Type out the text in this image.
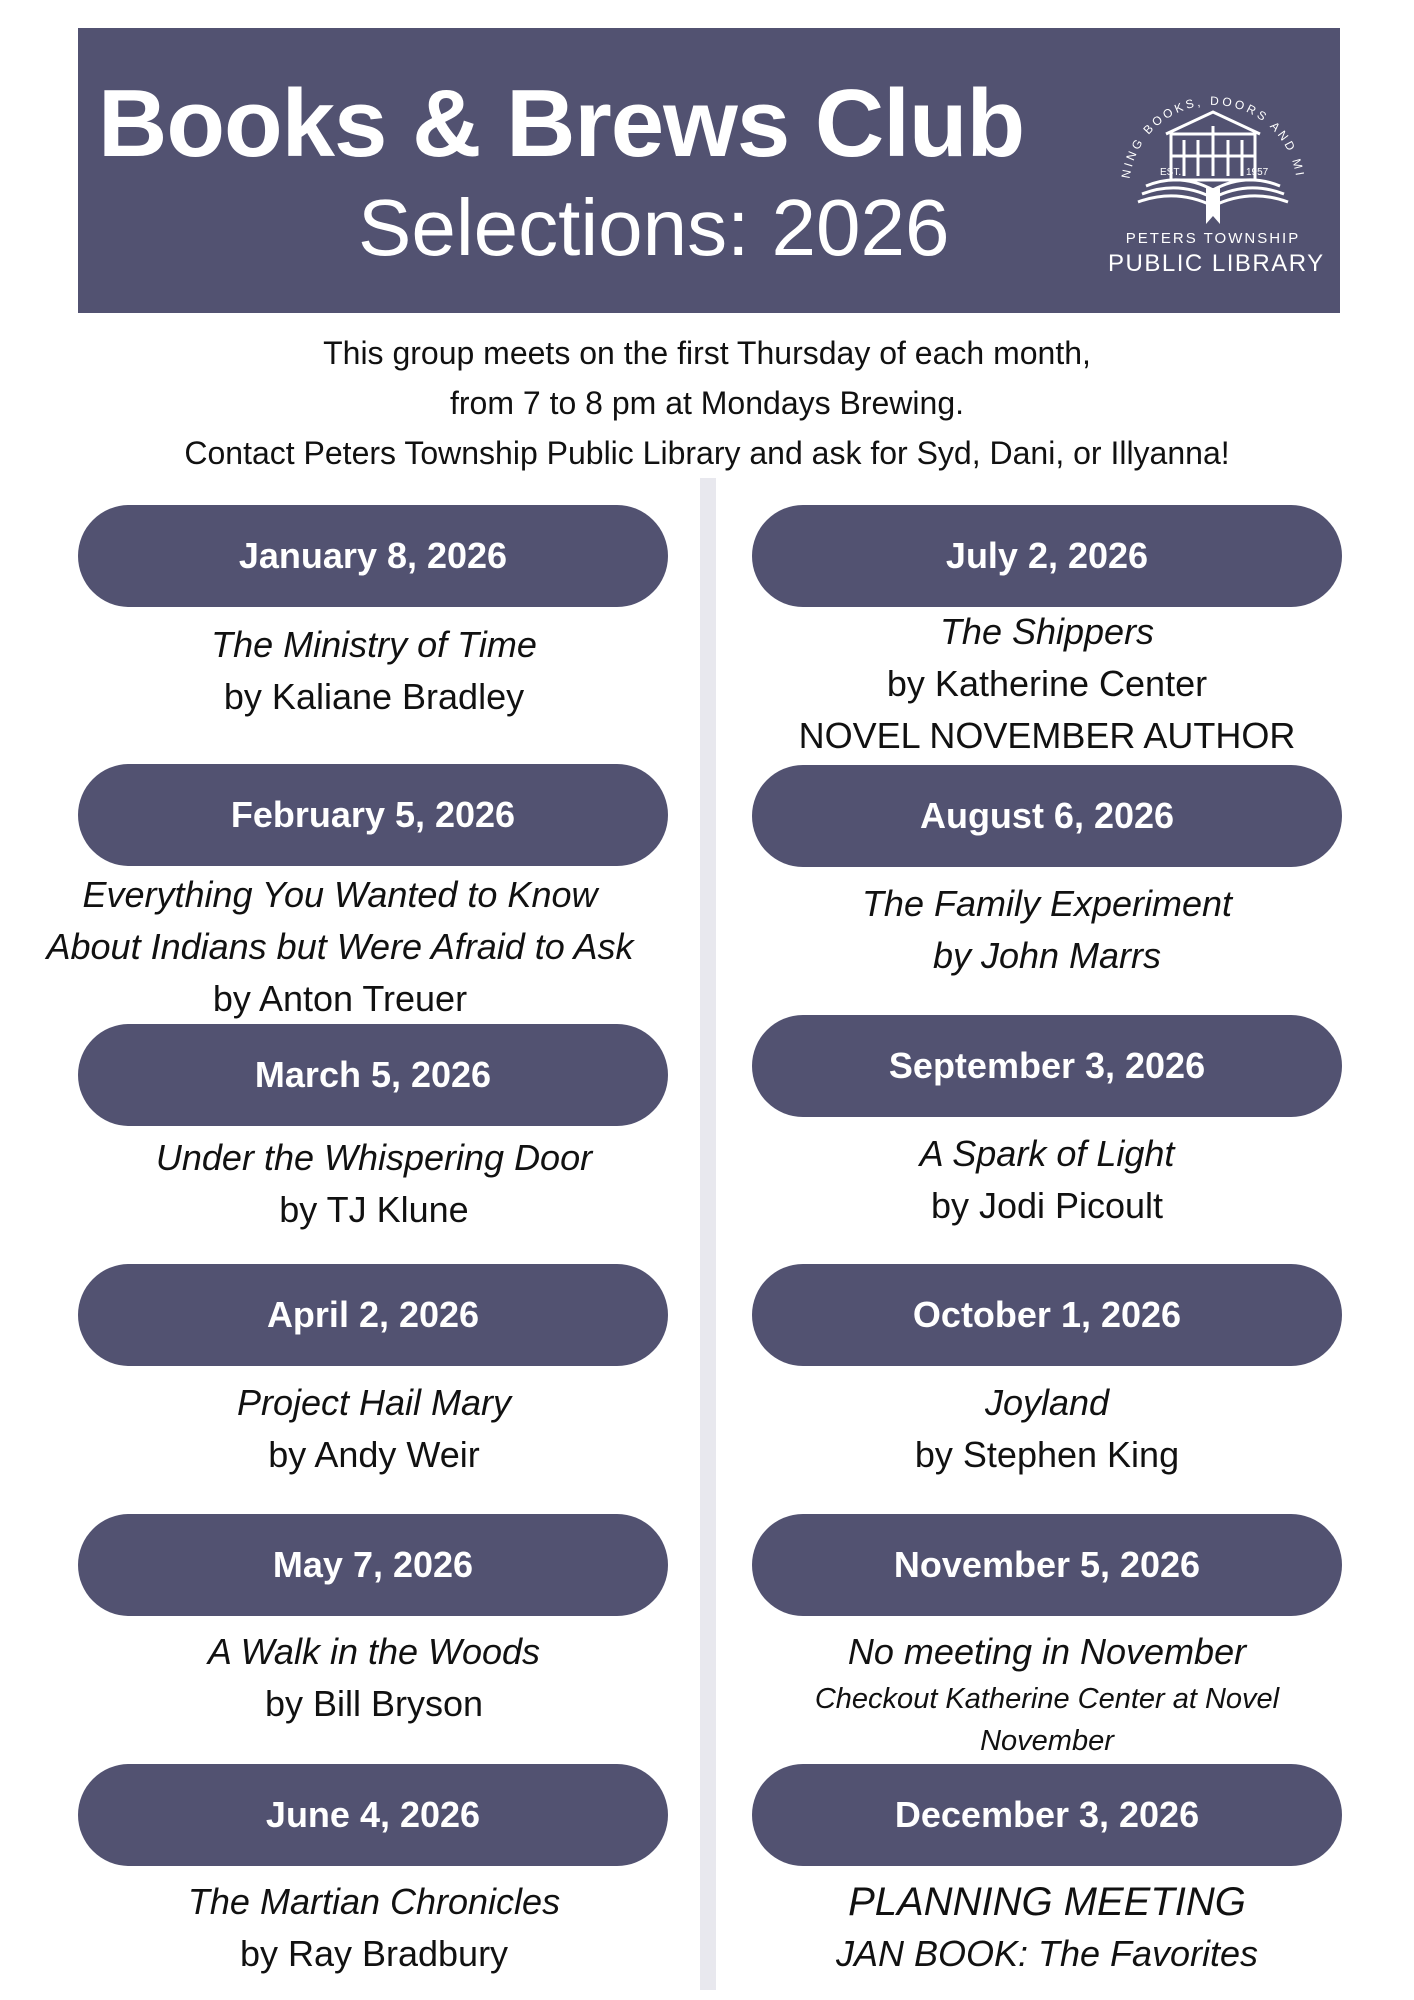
Books & Brews Club
Selections: 2026
NING BOOKS, DOORS AND MI
EST.	1957
PETERS TOWNSHIP
PUBLIC LIBRARY
This group meets on the first Thursday of each month,
from 7 to 8 pm at Mondays Brewing.
Contact Peters Township Public Library and ask for Syd, Dani, or Illyanna!
January 8, 2026
The Ministry of Time
by Kaliane Bradley
February 5, 2026
Everything You Wanted to Know
About Indians but Were Afraid to Ask
by Anton Treuer
March 5, 2026
Under the Whispering Door
by TJ Klune
April 2, 2026
Project Hail Mary
by Andy Weir
May 7, 2026
A Walk in the Woods
by Bill Bryson
June 4, 2026
The Martian Chronicles
by Ray Bradbury
July 2, 2026
The Shippers
by Katherine Center
NOVEL NOVEMBER AUTHOR
August 6, 2026
The Family Experiment
by John Marrs
September 3, 2026
A Spark of Light
by Jodi Picoult
October 1, 2026
Joyland
by Stephen King
November 5, 2026
No meeting in November
Checkout Katherine Center at Novel
November
December 3, 2026
PLANNING MEETING
JAN BOOK: The Favorites
